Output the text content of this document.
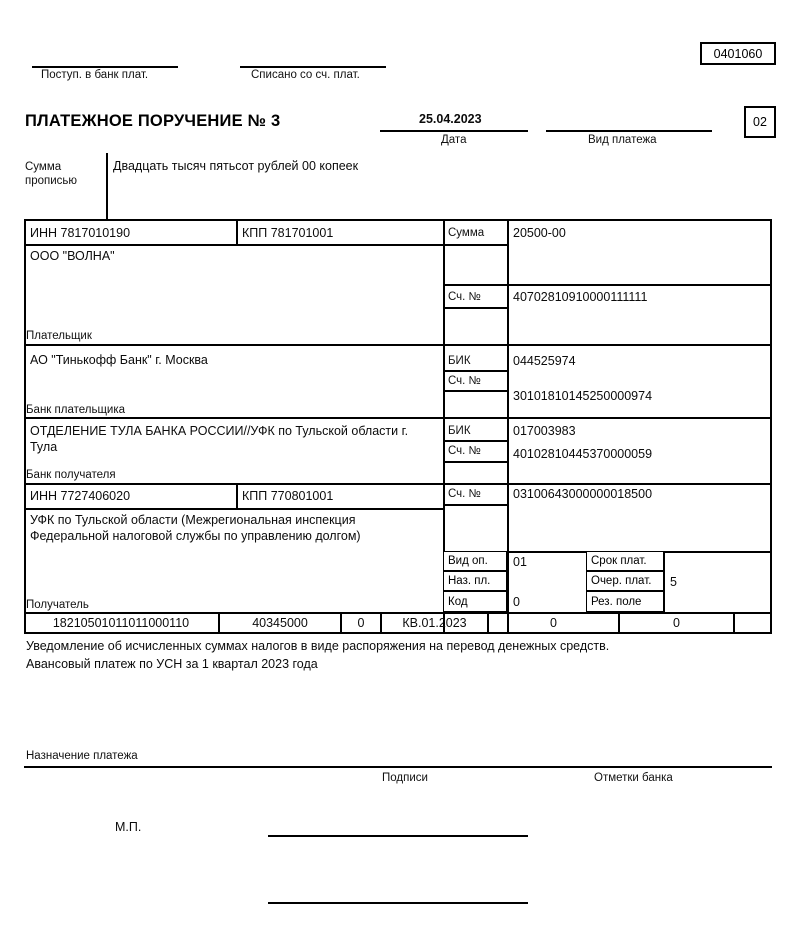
0401060
Поступ. в банк плат.	Списано со сч. плат.
ПЛАТЕЖНОЕ ПОРУЧЕНИЕ № 3	25.04.2023
Дата	Вид платежа
02
Сумма
прописью
Двадцать тысяч пятьсот рублей 00 копеек
ИНН 7817010190	КПП 781701001
ООО "ВОЛНА"
Плательщик
Сумма 20500-00
Сч. №	40702810910000111111
АО "Тинькофф Банк" г. Москва	БИК	044525974
Сч. №
30101810145250000974
Банк плательщика
ОТДЕЛЕНИЕ ТУЛА БАНКА РОССИИ//УФК по Тульской области г.
Тула
БИК	017003983
Сч. №	40102810445370000059
Банк получателя
ИНН 7727406020	КПП 770801001	Сч. №	03100643000000018500
УФК по Тульской области (Межрегиональная инспекция
Федеральной налоговой службы по управлению долгом)
Получатель
Вид оп. 01	Срок плат.
Наз. пл.	Очер. плат. 5
Код	0	Рез. поле
18210501011011000110	40345000	0	КВ.01.2023	0	0
Уведомление об исчисленных суммах налогов в виде распоряжения на перевод денежных средств.
Авансовый платеж по УСН за 1 квартал 2023 года
Назначение платежа
Подписи	Отметки банка
М.П.
